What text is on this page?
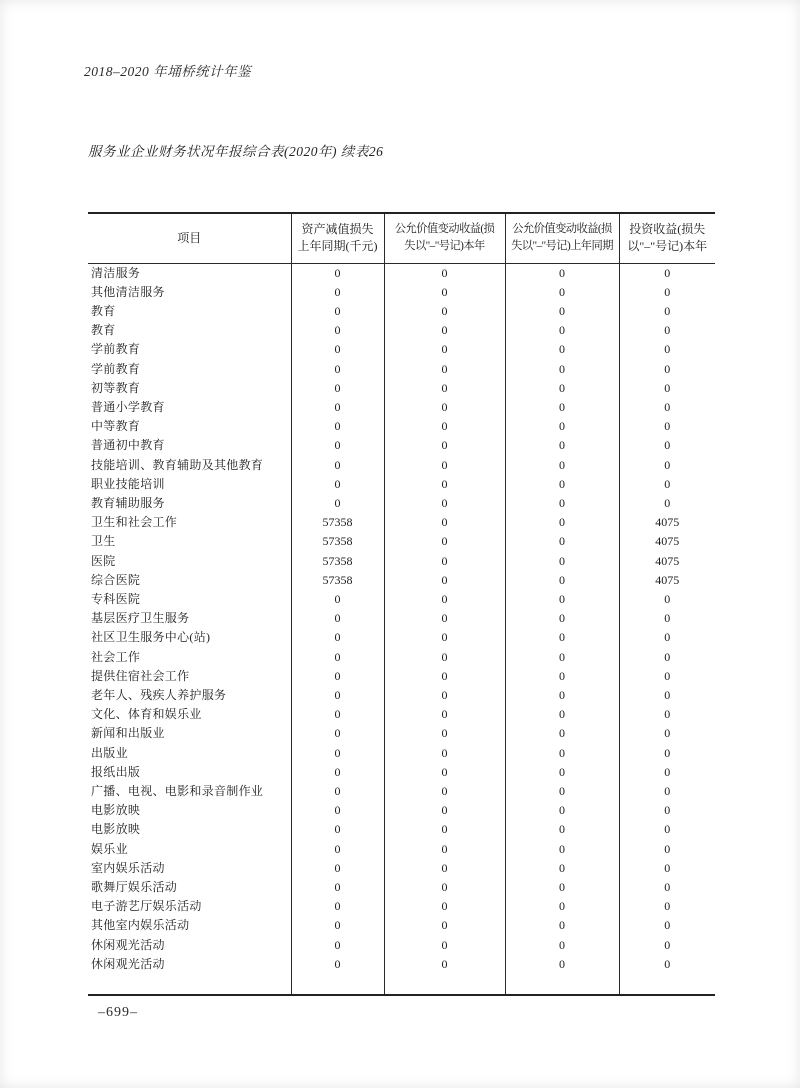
2018–2020 年埇桥统计年鉴
服务业企业财务状况年报综合表(2020年) 续表26
项目

资产减值损失
上年同期(千元)

公允价值变动收益(损
失以"–"号记)本年

公允价值变动收益(损
失以"–"号记)上年同期

投资收益(损失
以"–"号记)本年

清洁服务	0	0	0	0
其他清洁服务	0	0	0	0
教育	0	0	0	0
教育	0	0	0	0
学前教育	0	0	0	0
学前教育	0	0	0	0
初等教育	0	0	0	0
普通小学教育	0	0	0	0
中等教育	0	0	0	0
普通初中教育	0	0	0	0
技能培训、教育辅助及其他教育	0	0	0	0
职业技能培训	0	0	0	0
教育辅助服务	0	0	0	0
卫生和社会工作	57358	0	0	4075
卫生	57358	0	0	4075
医院	57358	0	0	4075
综合医院	57358	0	0	4075
专科医院	0	0	0	0
基层医疗卫生服务	0	0	0	0
社区卫生服务中心(站)	0	0	0	0
社会工作	0	0	0	0
提供住宿社会工作	0	0	0	0
老年人、残疾人养护服务	0	0	0	0
文化、体育和娱乐业	0	0	0	0
新闻和出版业	0	0	0	0
出版业	0	0	0	0
报纸出版	0	0	0	0
广播、电视、电影和录音制作业	0	0	0	0
电影放映	0	0	0	0
电影放映	0	0	0	0
娱乐业	0	0	0	0
室内娱乐活动	0	0	0	0
歌舞厅娱乐活动	0	0	0	0
电子游艺厅娱乐活动	0	0	0	0
其他室内娱乐活动	0	0	0	0
休闲观光活动	0	0	0	0
休闲观光活动	0	0	0	0

–699–
